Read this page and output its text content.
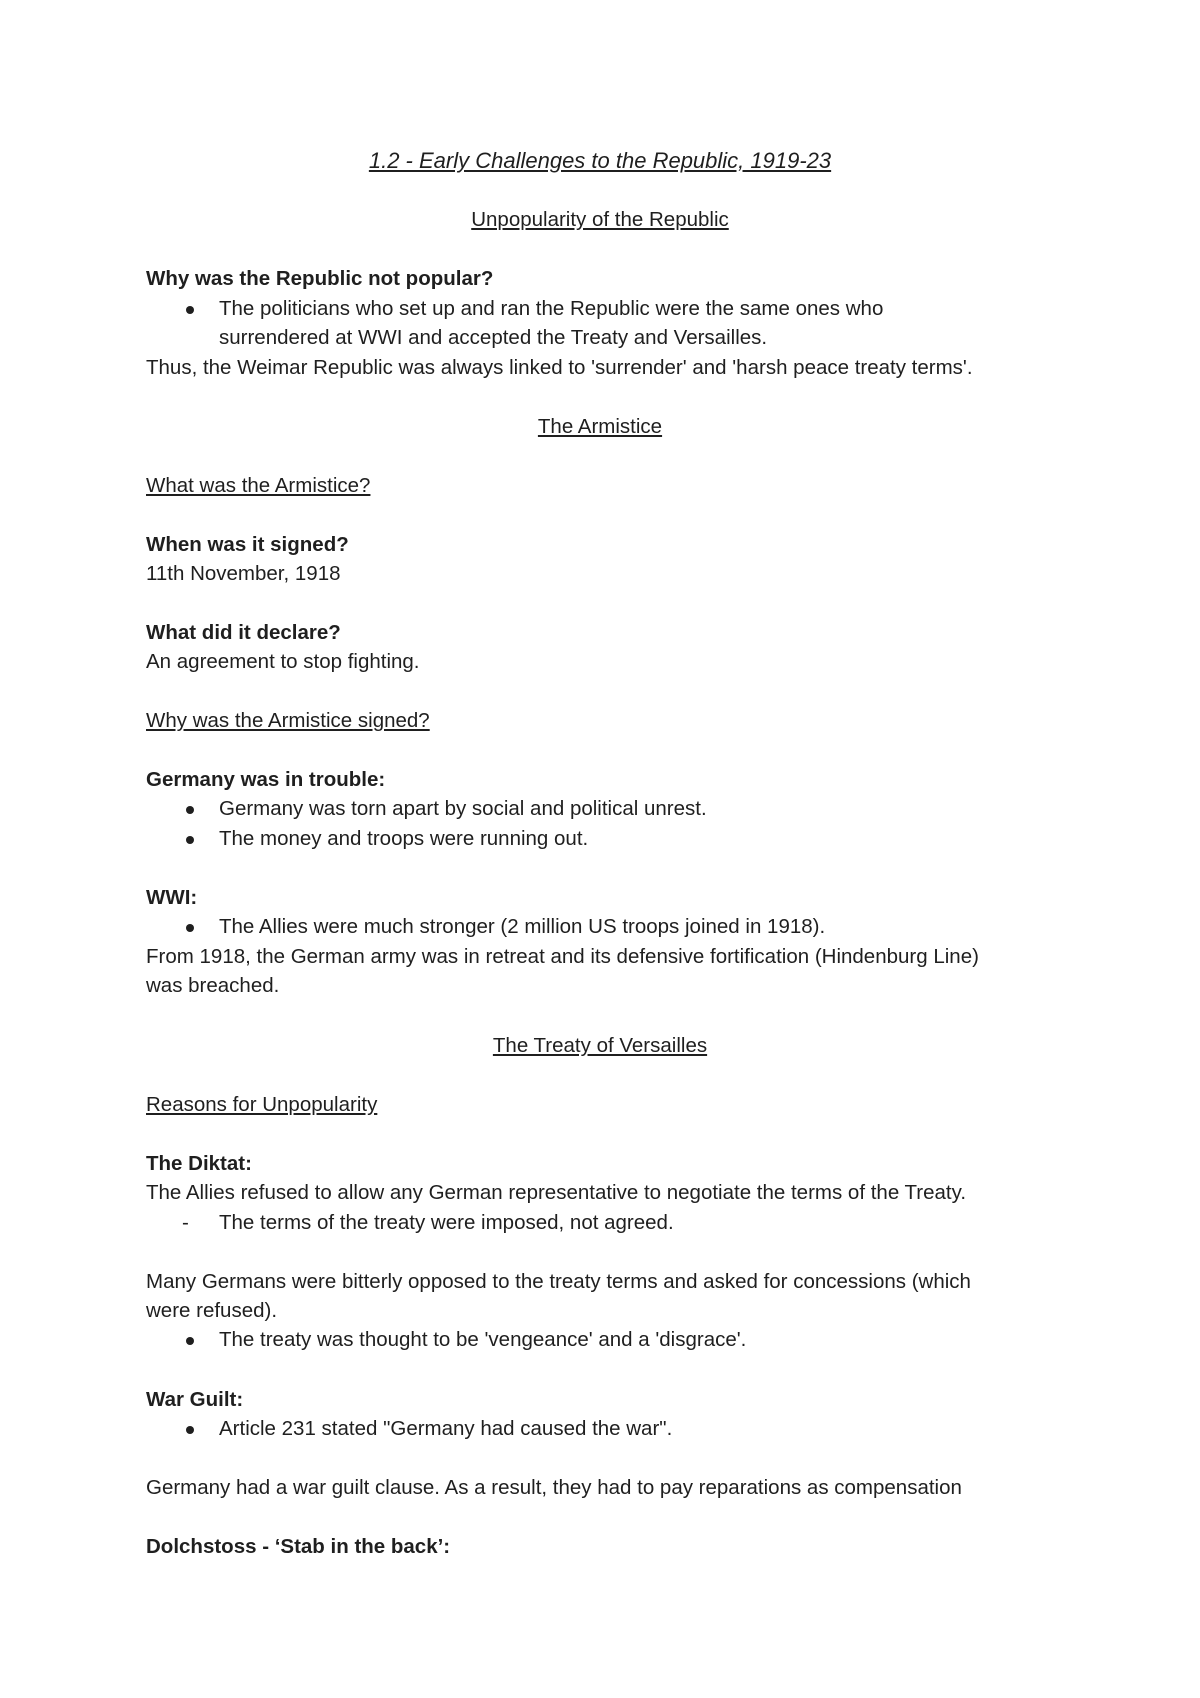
1.2 - Early Challenges to the Republic, 1919-23
Unpopularity of the Republic
Why was the Republic not popular?
The politicians who set up and ran the Republic were the same ones who
surrendered at WWI and accepted the Treaty and Versailles.
Thus, the Weimar Republic was always linked to 'surrender' and 'harsh peace treaty terms'.
The Armistice
What was the Armistice?
When was it signed?
11th November, 1918
What did it declare?
An agreement to stop fighting.
Why was the Armistice signed?
Germany was in trouble:
Germany was torn apart by social and political unrest.
The money and troops were running out.
WWI:
The Allies were much stronger (2 million US troops joined in 1918).
From 1918, the German army was in retreat and its defensive fortification (Hindenburg Line)
was breached.
The Treaty of Versailles
Reasons for Unpopularity
The Diktat:
The Allies refused to allow any German representative to negotiate the terms of the Treaty.
- The terms of the treaty were imposed, not agreed.
Many Germans were bitterly opposed to the treaty terms and asked for concessions (which
were refused).
The treaty was thought to be 'vengeance' and a 'disgrace'.
War Guilt:
Article 231 stated "Germany had caused the war".
Germany had a war guilt clause. As a result, they had to pay reparations as compensation
Dolchstoss - ‘Stab in the back’:
